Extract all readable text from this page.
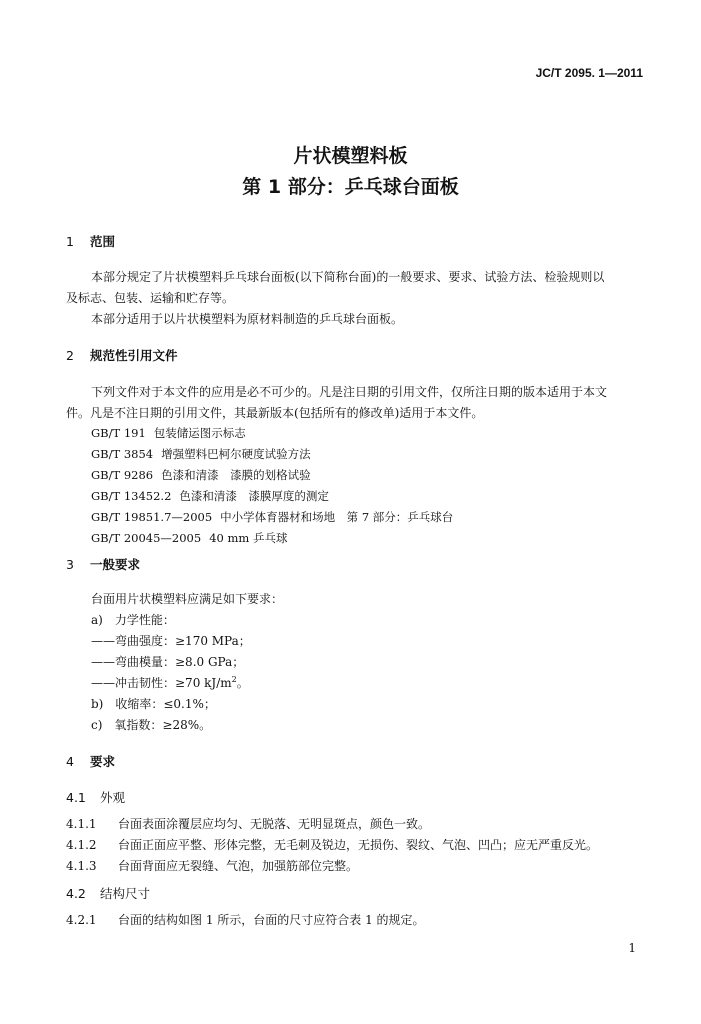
JC/T 2095. 1—2011
片状模塑料板
第 1 部分：乒乓球台面板
1 范围
本部分规定了片状模塑料乒乓球台面板(以下简称台面)的一般要求、要求、试验方法、检验规则以
及标志、包装、运输和贮存等。
本部分适用于以片状模塑料为原材料制造的乒乓球台面板。
2 规范性引用文件
下列文件对于本文件的应用是必不可少的。凡是注日期的引用文件，仅所注日期的版本适用于本文
件。凡是不注日期的引用文件，其最新版本(包括所有的修改单)适用于本文件。
GB/T 191 包装储运图示标志
GB/T 3854 增强塑料巴柯尔硬度试验方法
GB/T 9286 色漆和清漆　漆膜的划格试验
GB/T 13452.2 色漆和清漆　漆膜厚度的测定
GB/T 19851.7—2005 中小学体育器材和场地　第 7 部分：乒乓球台
GB/T 20045—2005 40 mm 乒乓球
3 一般要求
台面用片状模塑料应满足如下要求：
a)　力学性能：
——弯曲强度：≥170 MPa；
——弯曲模量：≥8.0 GPa；
——冲击韧性：≥70 $kJ/m^2$。
b)　收缩率：≤0.1%；
c)　氧指数：≥28%。
4 要求
4.1 外观
4.1.1 台面表面涂覆层应均匀、无脱落、无明显斑点，颜色一致。
4.1.2 台面正面应平整、形体完整，无毛刺及锐边，无损伤、裂纹、气泡、凹凸；应无严重反光。
4.1.3 台面背面应无裂缝、气泡，加强筋部位完整。
4.2 结构尺寸
4.2.1 台面的结构如图 1 所示，台面的尺寸应符合表 1 的规定。
1
